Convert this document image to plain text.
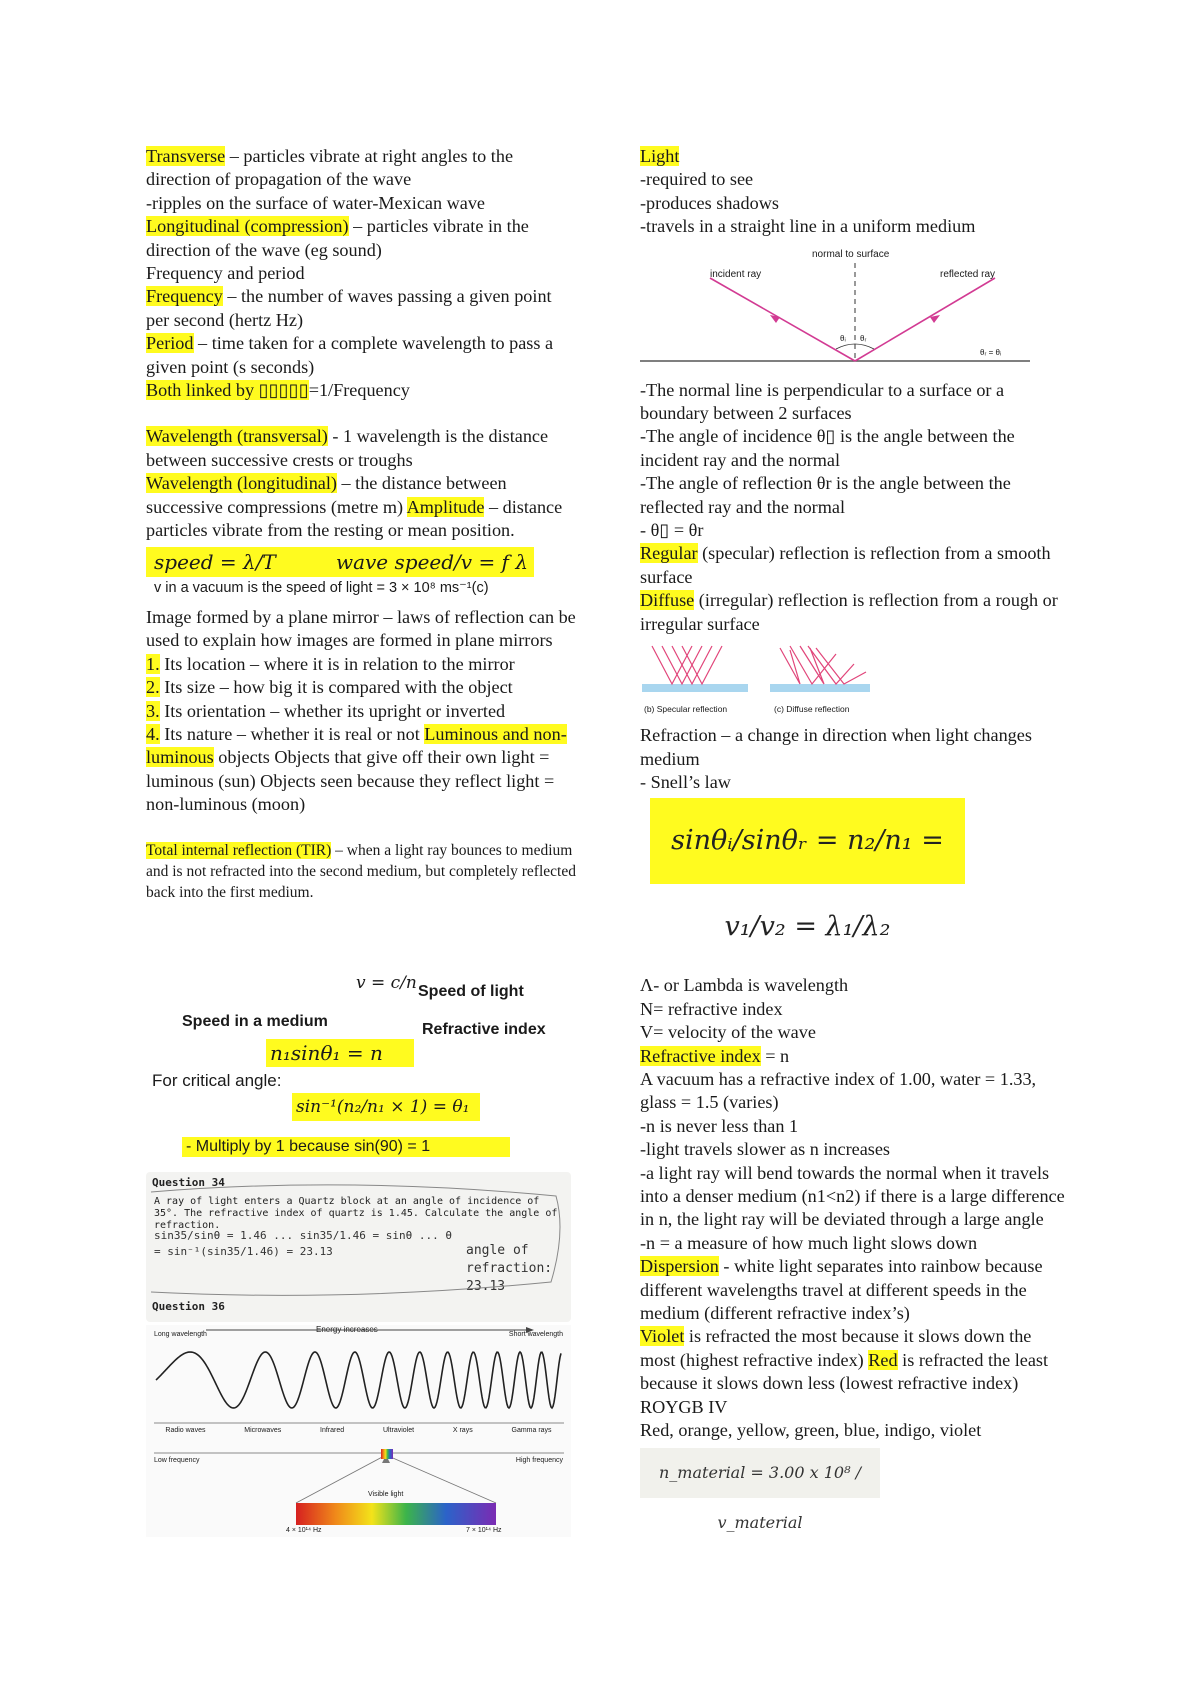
Transverse – particles vibrate at right angles to the direction of propagation of the wave

-ripples on the surface of water-Mexican wave

Longitudinal (compression) – particles vibrate in the direction of the wave (eg sound)

Frequency and period

Frequency – the number of waves passing a given point per second (hertz Hz)

Period – time taken for a complete wavelength to pass a given point (s seconds)

Both linked by ▯▯▯▯▯=1/Frequency

Wavelength (transversal) - 1 wavelength is the distance between successive crests or troughs

Wavelength (longitudinal) – the distance between successive compressions (metre m) Amplitude – distance particles vibrate from the resting or mean position.

speed = λ/T	wave speed/v = f λ

v in a vacuum is the speed of light = 3 × 10⁸ ms⁻¹(c)

Image formed by a plane mirror – laws of reflection can be used to explain how images are formed in plane mirrors

1. Its location – where it is in relation to the mirror

2. Its size – how big it is compared with the object

3. Its orientation – whether its upright or inverted

4. Its nature – whether it is real or not Luminous and non-luminous objects Objects that give off their own light = luminous (sun) Objects seen because they reflect light = non-luminous (moon)

Total internal reflection (TIR) – when a light ray bounces to medium and is not refracted into the second medium, but completely reflected back into the first medium.

v = c/n Speed of light
Speed in a medium	Refractive index
n₁sinθ₁ = n
For critical angle:
sin⁻¹(n₂/n₁ × 1) = θ₁
- Multiply by 1 because sin(90) = 1
Question 34
A ray of light enters a Quartz block at an angle of incidence of 35°. The refractive index of quartz is 1.45. Calculate the angle of refraction.
sin35/sinθ = 1.46 ... sin35/1.46 = sinθ ... θ = sin⁻¹(sin35/1.46) = 23.13	angle of refraction: 23.13
Question 36
Energy increases
Long wavelength	Short wavelength
Radio waves	Microwaves	Infrared	Ultraviolet	X rays	Gamma rays
Low frequency	High frequency
Visible light
4 × 10¹⁴ Hz	7 × 10¹⁴ Hz

Light

-required to see

-produces shadows

-travels in a straight line in a uniform medium

normal to surface
incident ray	reflected ray
θᵢ θᵣ
θᵣ = θᵢ

-The normal line is perpendicular to a surface or a boundary between 2 surfaces

-The angle of incidence θ▯ is the angle between the incident ray and the normal

-The angle of reflection θr is the angle between the reflected ray and the normal

- θ▯ = θr

Regular (specular) reflection is reflection from a smooth surface

Diffuse (irregular) reflection is reflection from a rough or irregular surface

(b) Specular reflection	(c) Diffuse reflection

Refraction – a change in direction when light changes medium

- Snell’s law

sinθᵢ/sinθᵣ = n₂/n₁ = v₁/v₂ = λ₁/λ₂

Λ- or Lambda is wavelength

N= refractive index

V= velocity of the wave

Refractive index = n

A vacuum has a refractive index of 1.00, water = 1.33, glass = 1.5 (varies)

-n is never less than 1

-light travels slower as n increases

-a light ray will bend towards the normal when it travels into a denser medium (n1<n2) if there is a large difference in n, the light ray will be deviated through a large angle

-n = a measure of how much light slows down

Dispersion - white light separates into rainbow because different wavelengths travel at different speeds in the medium (different refractive index’s)

Violet is refracted the most because it slows down the most (highest refractive index) Red is refracted the least because it slows down less (lowest refractive index)

ROYGB IV

Red, orange, yellow, green, blue, indigo, violet

n_material = 3.00 x 10⁸ / v_material
